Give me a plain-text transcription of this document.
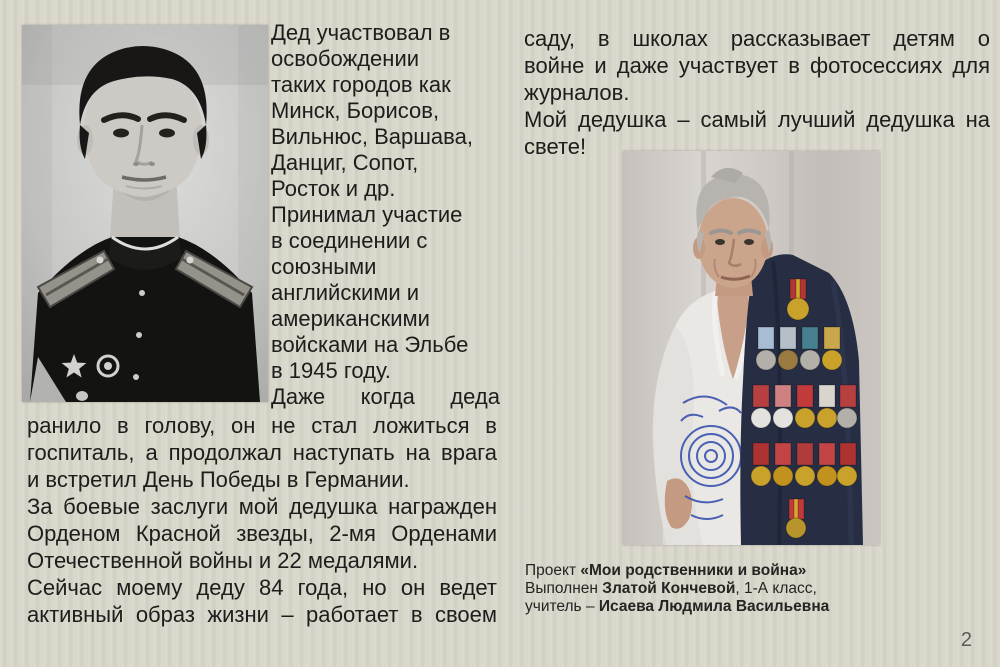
Дед участвовал в
освобождении
таких городов как
Минск, Борисов,
Вильнюс, Варшава,
Данциг, Сопот,
Росток и др.
Принимал участие
в соединении с
союзными
английскими и
американскими
войсками на Эльбе
в 1945 году.
Даже когда деда
ранило в голову, он не стал ложиться в
госпиталь, а продолжал наступать на врага
и встретил День Победы в Германии.
За боевые заслуги мой дедушка награжден
Орденом Красной звезды, 2-мя Орденами
Отечественной войны и 22 медалями.
Сейчас моему деду 84 года, но он ведет
активный образ жизни – работает в своем
саду, в школах рассказывает детям о
войне и даже участвует в фотосессиях для
журналов.
Мой дедушка – самый лучший дедушка на
свете!
Проект «Мои родственники и война»
Выполнен Златой Кончевой, 1-А класс,
учитель – Исаева Людмила Васильевна
2
